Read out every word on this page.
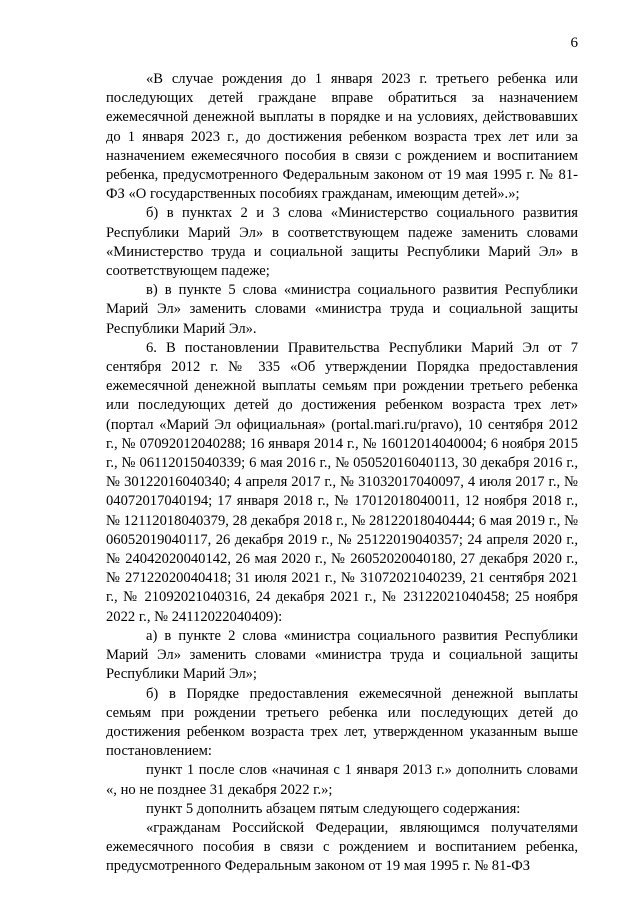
6

«В случае рождения до 1 января 2023 г. третьего ребенка или последующих детей граждане вправе обратиться за назначением ежемесячной денежной выплаты в порядке и на условиях, действовавших до 1 января 2023 г., до достижения ребенком возраста трех лет или за назначением ежемесячного пособия в связи с рождением и воспитанием ребенка, предусмотренного Федеральным законом от 19 мая 1995 г. № 81-ФЗ «О государственных пособиях гражданам, имеющим детей».»;

б) в пунктах 2 и 3 слова «Министерство социального развития Республики Марий Эл» в соответствующем падеже заменить словами «Министерство труда и социальной защиты Республики Марий Эл» в соответствующем падеже;

в) в пункте 5 слова «министра социального развития Республики Марий Эл» заменить словами «министра труда и социальной защиты Республики Марий Эл».

6. В постановлении Правительства Республики Марий Эл от 7 сентября 2012 г. № 335 «Об утверждении Порядка предоставления ежемесячной денежной выплаты семьям при рождении третьего ребенка или последующих детей до достижения ребенком возраста трех лет» (портал «Марий Эл официальная» (portal.mari.ru/pravo), 10 сентября 2012 г., № 07092012040288; 16 января 2014 г., № 16012014040004; 6 ноября 2015 г., № 06112015040339; 6 мая 2016 г., № 05052016040113, 30 декабря 2016 г., № 30122016040340; 4 апреля 2017 г., № 31032017040097, 4 июля 2017 г., № 04072017040194; 17 января 2018 г., № 17012018040011, 12 ноября 2018 г., № 12112018040379, 28 декабря 2018 г., № 28122018040444; 6 мая 2019 г., № 06052019040117, 26 декабря 2019 г., № 25122019040357; 24 апреля 2020 г., № 24042020040142, 26 мая 2020 г., № 26052020040180, 27 декабря 2020 г., № 27122020040418; 31 июля 2021 г., № 31072021040239, 21 сентября 2021 г., № 21092021040316, 24 декабря 2021 г., № 23122021040458; 25 ноября 2022 г., № 24112022040409):

а) в пункте 2 слова «министра социального развития Республики Марий Эл» заменить словами «министра труда и социальной защиты Республики Марий Эл»;

б) в Порядке предоставления ежемесячной денежной выплаты семьям при рождении третьего ребенка или последующих детей до достижения ребенком возраста трех лет, утвержденном указанным выше постановлением:

пункт 1 после слов «начиная с 1 января 2013 г.» дополнить словами «, но не позднее 31 декабря 2022 г.»;

пункт 5 дополнить абзацем пятым следующего содержания:

«гражданам Российской Федерации, являющимся получателями ежемесячного пособия в связи с рождением и воспитанием ребенка, предусмотренного Федеральным законом от 19 мая 1995 г. № 81-ФЗ
